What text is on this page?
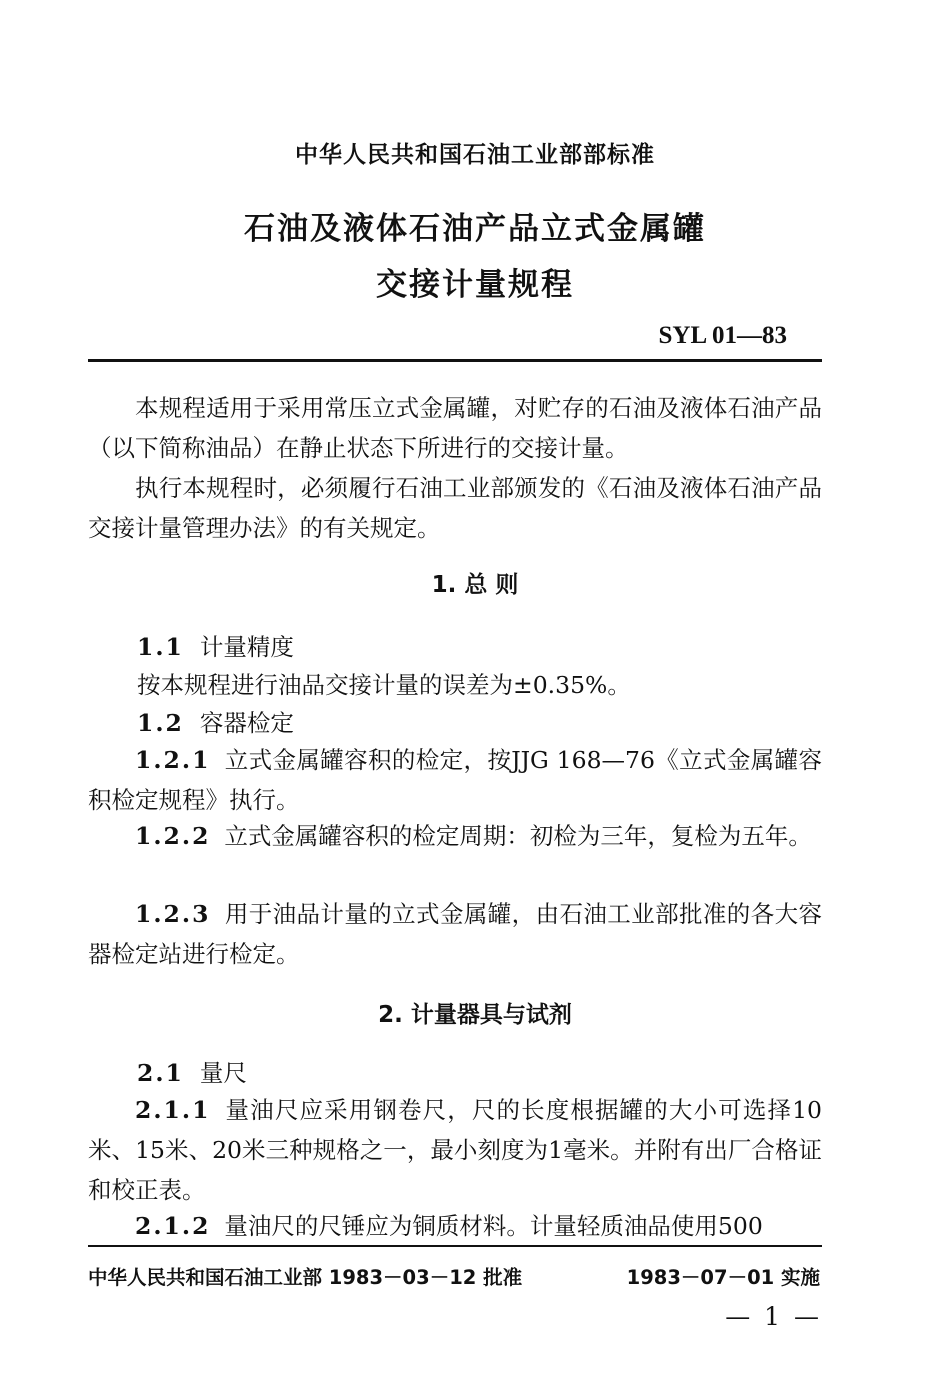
中华人民共和国石油工业部部标准
石油及液体石油产品立式金属罐
交接计量规程
SYL 01—83

本规程适用于采用常压立式金属罐，对贮存的石油及液体石油产品（以下简称油品）在静止状态下所进行的交接计量。

执行本规程时，必须履行石油工业部颁发的《石油及液体石油产品交接计量管理办法》的有关规定。

1. 总 则
1.1 计量精度
按本规程进行油品交接计量的误差为±0.35%。
1.2 容器检定

1.2.1 立式金属罐容积的检定，按JJG 168—76《立式金属罐容积检定规程》执行。

1.2.2 立式金属罐容积的检定周期：初检为三年，复检为五年。

1.2.3 用于油品计量的立式金属罐，由石油工业部批准的各大容器检定站进行检定。

2. 计量器具与试剂
2.1 量尺

2.1.1 量油尺应采用钢卷尺，尺的长度根据罐的大小可选择10米、15米、20米三种规格之一，最小刻度为1毫米。并附有出厂合格证和校正表。

2.1.2 量油尺的尺锤应为铜质材料。计量轻质油品使用500

中华人民共和国石油工业部 1983－03－12 批准	1983－07－01 实施
— 1 —
